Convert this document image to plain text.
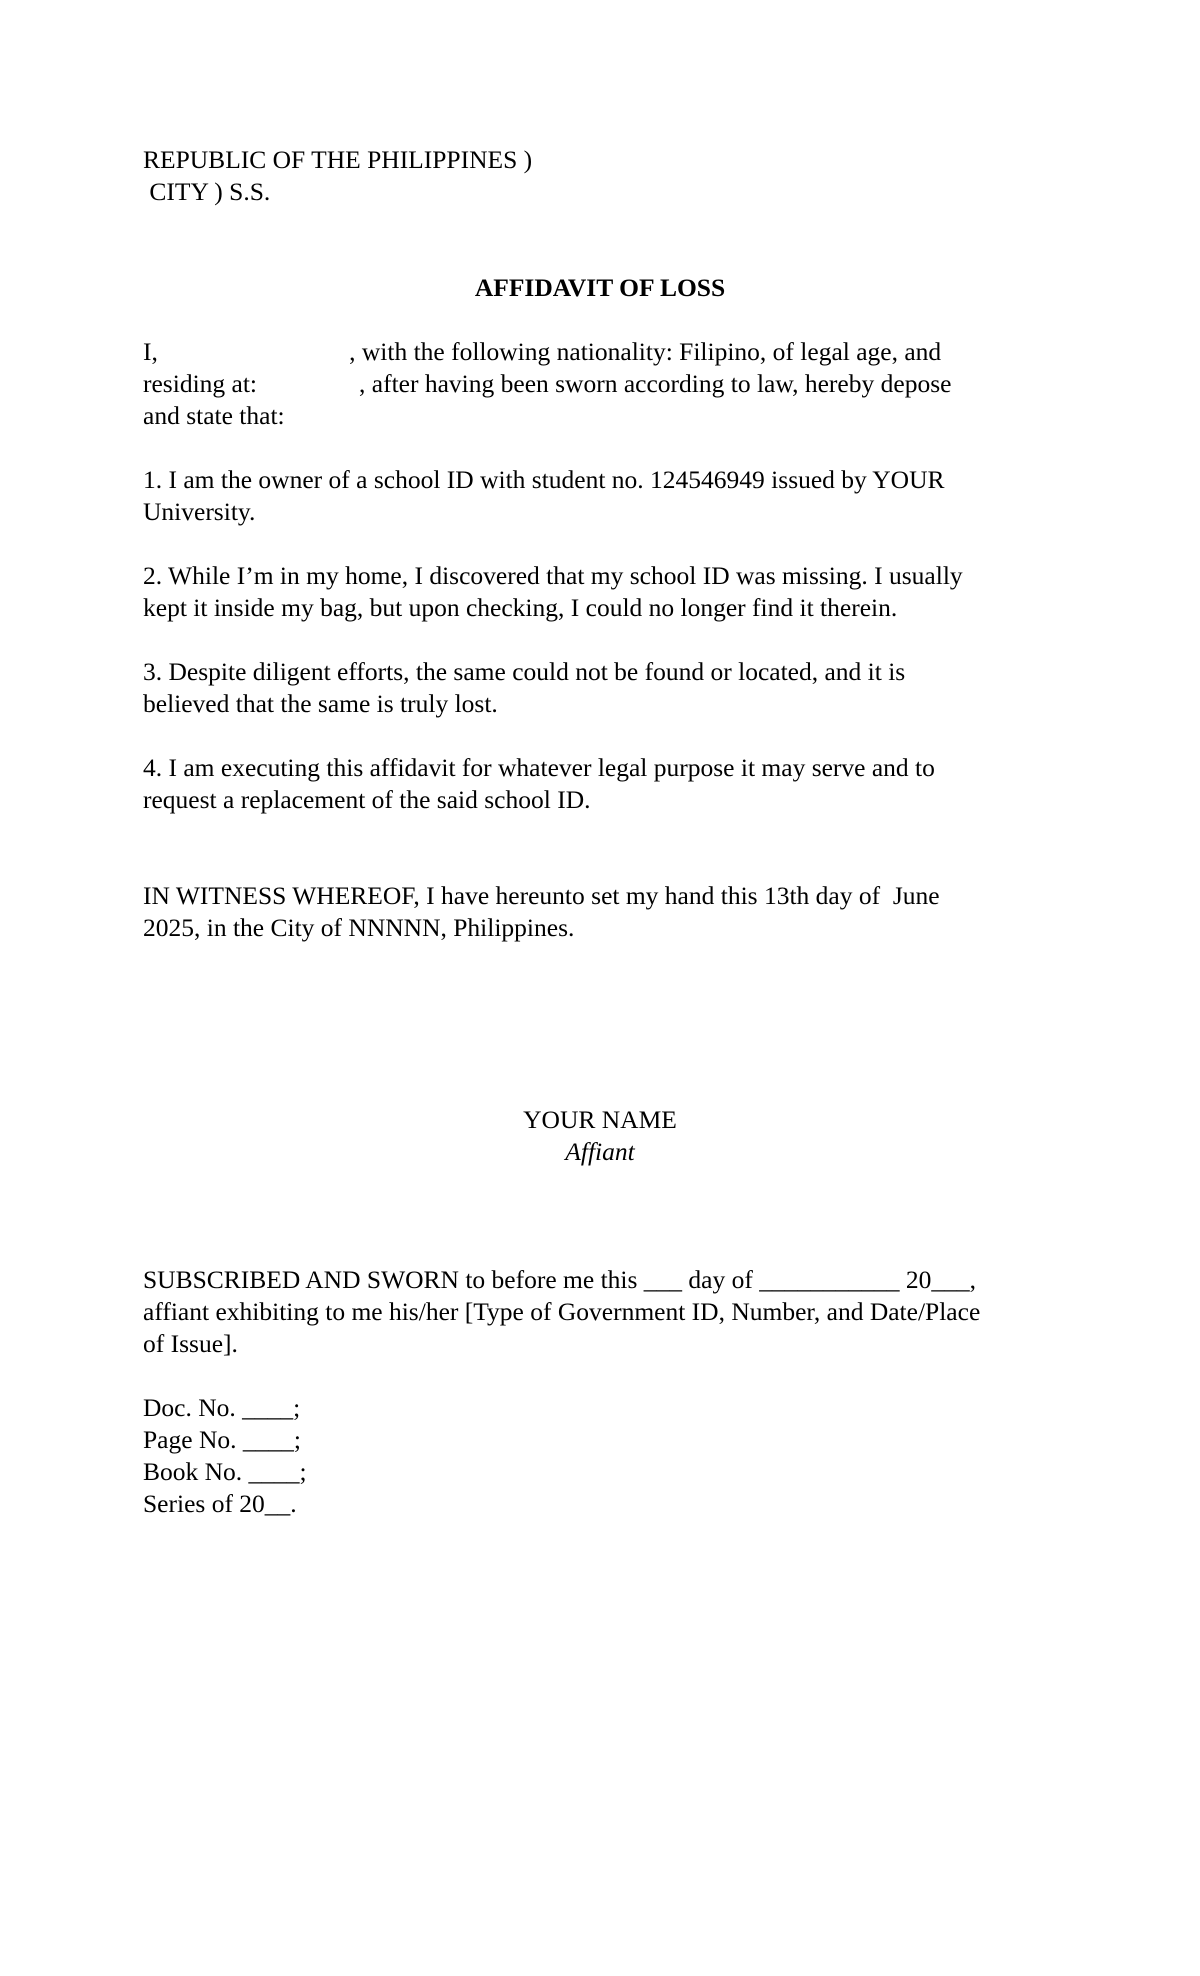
REPUBLIC OF THE PHILIPPINES )
CITY ) S.S.
AFFIDAVIT OF LOSS
I,                              , with the following nationality: Filipino, of legal age, and
residing at:                , after having been sworn according to law, hereby depose
and state that:
1. I am the owner of a school ID with student no. 124546949 issued by YOUR
University.
2. While I’m in my home, I discovered that my school ID was missing. I usually
kept it inside my bag, but upon checking, I could no longer find it therein.
3. Despite diligent efforts, the same could not be found or located, and it is
believed that the same is truly lost.
4. I am executing this affidavit for whatever legal purpose it may serve and to
request a replacement of the said school ID.
IN WITNESS WHEREOF, I have hereunto set my hand this 13th day of  June
2025, in the City of NNNNN, Philippines.
YOUR NAME
Affiant
SUBSCRIBED AND SWORN to before me this ___ day of ___________ 20___,
affiant exhibiting to me his/her [Type of Government ID, Number, and Date/Place
of Issue].
Doc. No. ____;
Page No. ____;
Book No. ____;
Series of 20__.
